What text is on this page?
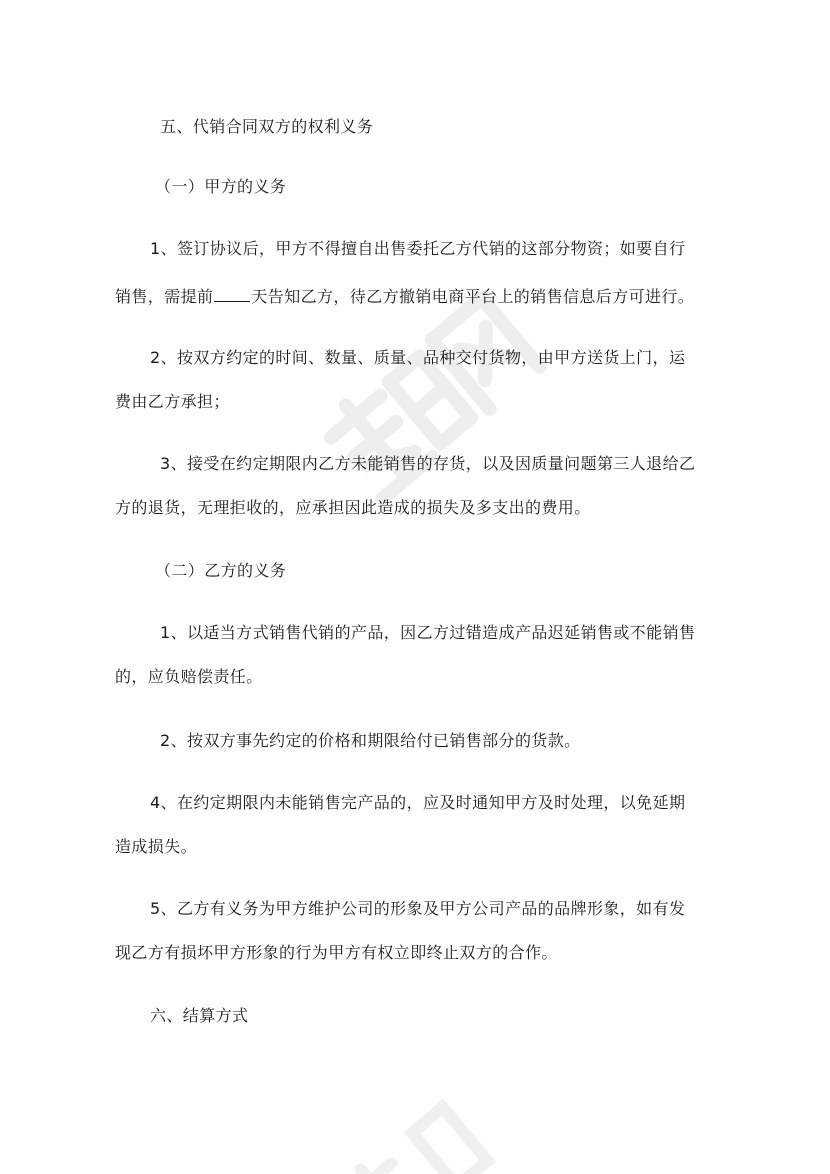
五、代销合同双方的权利义务
（一）甲方的义务
1、签订协议后，甲方不得擅自出售委托乙方代销的这部分物资；如要自行
销售，需提前 天告知乙方，待乙方撤销电商平台上的销售信息后方可进行。
2、按双方约定的时间、数量、质量、品种交付货物，由甲方送货上门，运
费由乙方承担；
3、接受在约定期限内乙方未能销售的存货，以及因质量问题第三人退给乙
方的退货，无理拒收的，应承担因此造成的损失及多支出的费用。
（二）乙方的义务
1、以适当方式销售代销的产品，因乙方过错造成产品迟延销售或不能销售
的，应负赔偿责任。
2、按双方事先约定的价格和期限给付已销售部分的货款。
4、在约定期限内未能销售完产品的，应及时通知甲方及时处理，以免延期
造成损失。
5、乙方有义务为甲方维护公司的形象及甲方公司产品的品牌形象，如有发
现乙方有损坏甲方形象的行为甲方有权立即终止双方的合作。
六、结算方式
